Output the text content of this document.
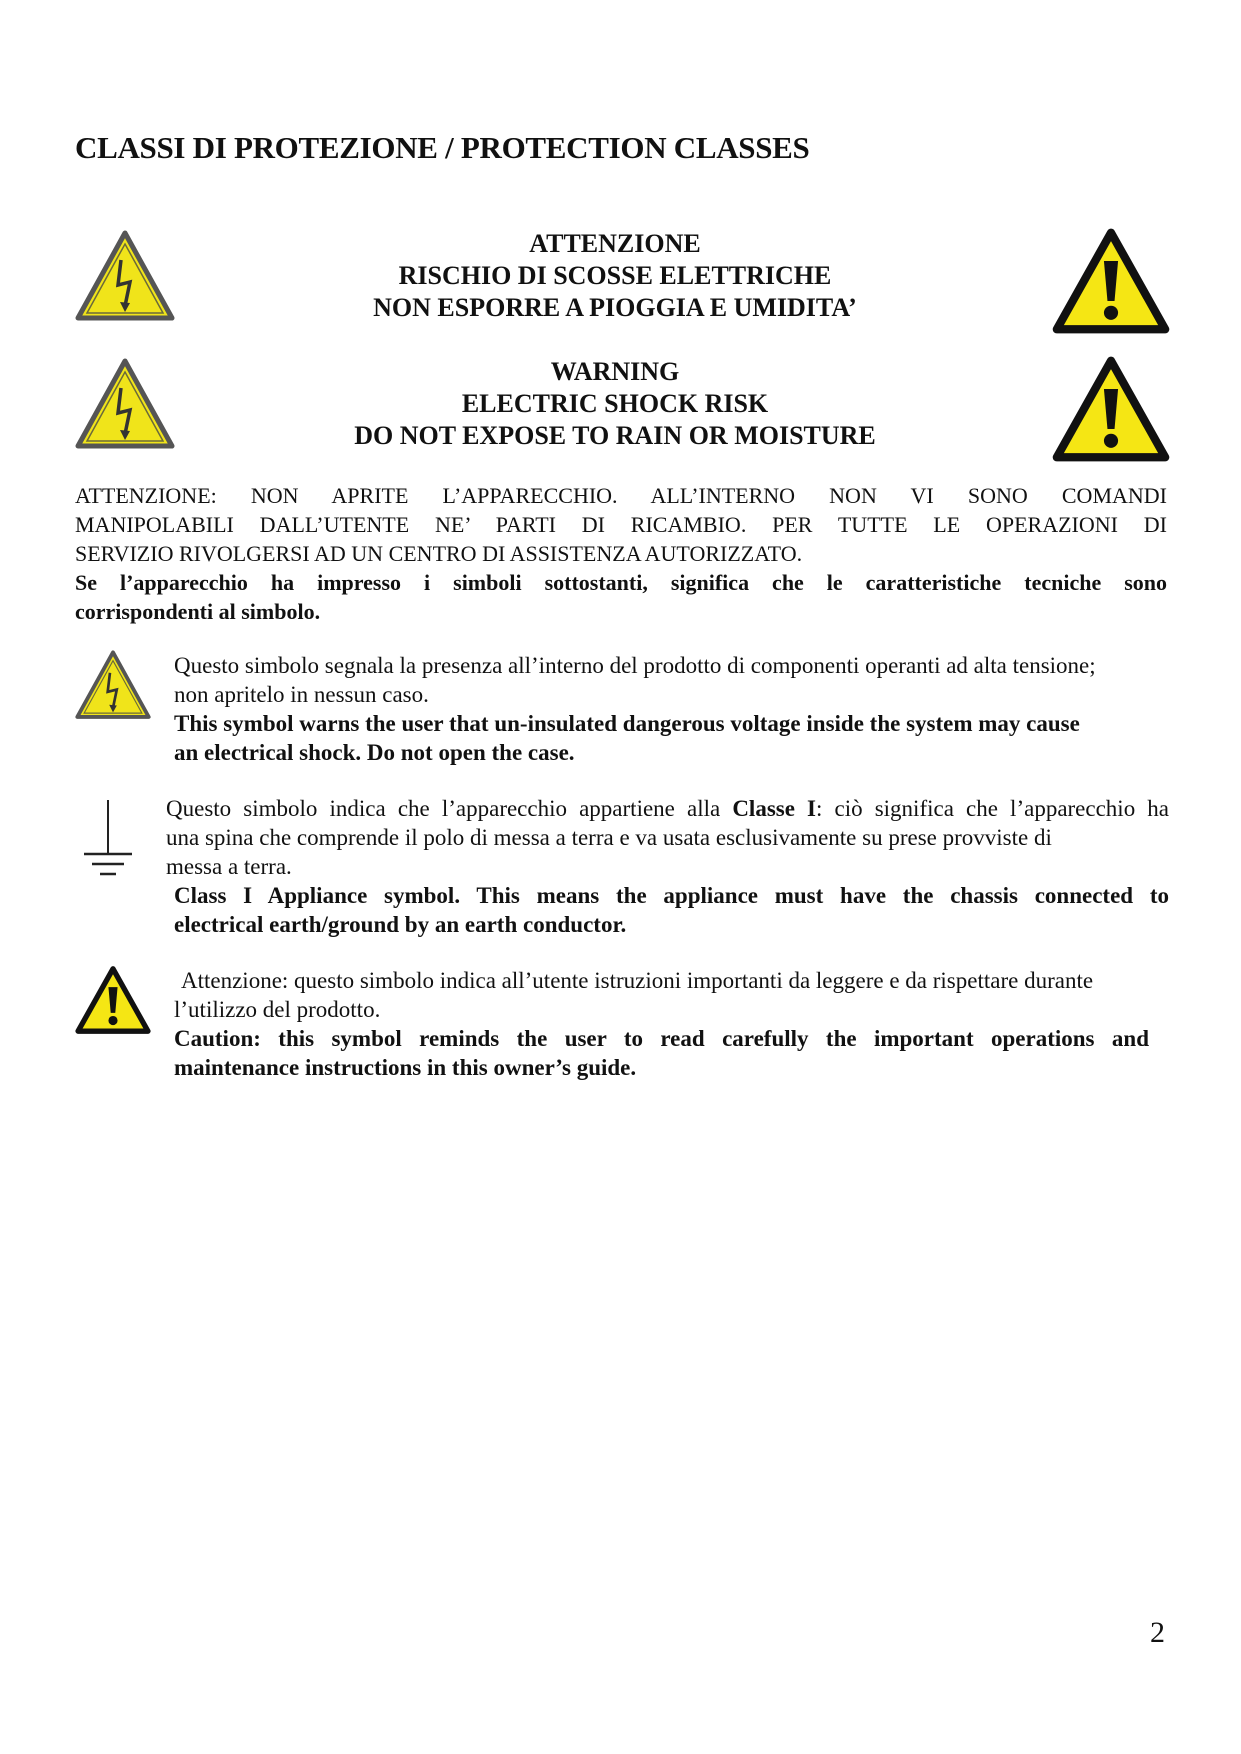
CLASSI DI PROTEZIONE / PROTECTION CLASSES
ATTENZIONE
RISCHIO DI SCOSSE ELETTRICHE
NON ESPORRE A PIOGGIA E UMIDITA’
WARNING
ELECTRIC SHOCK RISK
DO NOT EXPOSE TO RAIN OR MOISTURE
ATTENZIONE: NON APRITE L’APPARECCHIO. ALL’INTERNO NON VI SONO COMANDI
MANIPOLABILI DALL’UTENTE NE’ PARTI DI RICAMBIO. PER TUTTE LE OPERAZIONI DI
SERVIZIO RIVOLGERSI AD UN CENTRO DI ASSISTENZA AUTORIZZATO.
Se l’apparecchio ha impresso i simboli sottostanti, significa che le caratteristiche tecniche sono
corrispondenti al simbolo.
Questo simbolo segnala la presenza all’interno del prodotto di componenti operanti ad alta tensione;
non apritelo in nessun caso.
This symbol warns the user that un-insulated dangerous voltage inside the system may cause
an electrical shock. Do not open the case.
Questo simbolo indica che l’apparecchio appartiene alla Classe I: ciò significa che l’apparecchio ha
una spina che comprende il polo di messa a terra e va usata esclusivamente su prese provviste di
messa a terra.
Class I Appliance symbol. This means the appliance must have the chassis connected to
electrical earth/ground by an earth conductor.
Attenzione: questo simbolo indica all’utente istruzioni importanti da leggere e da rispettare durante
l’utilizzo del prodotto.
Caution: this symbol reminds the user to read carefully the important operations and
maintenance instructions in this owner’s guide.
2
